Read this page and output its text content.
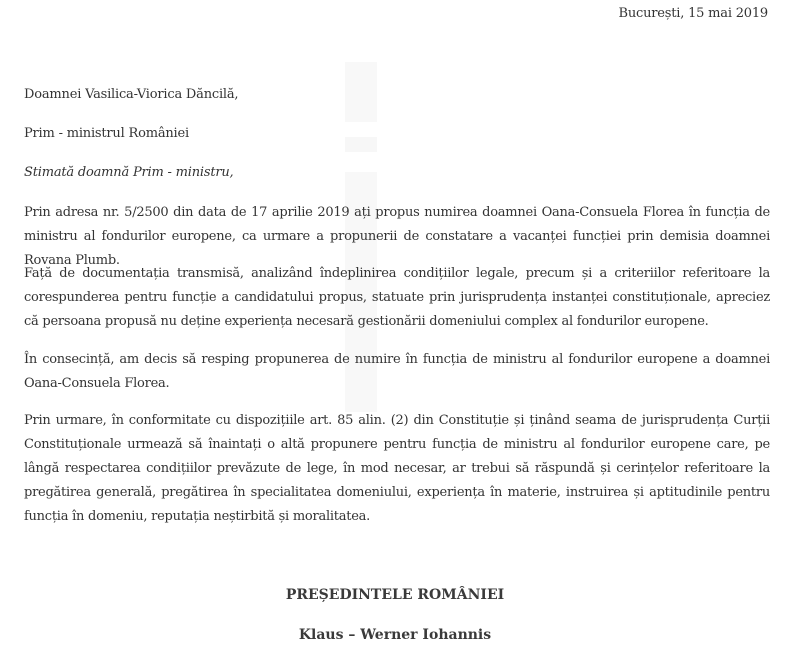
București, 15 mai 2019
Doamnei Vasilica-Viorica Dăncilă,
Prim - ministrul României
Stimată doamnă Prim - ministru,

Prin adresa nr. 5/2500 din data de 17 aprilie 2019 ați propus numirea doamnei Oana-Consuela Florea în funcția de ministru al fondurilor europene, ca urmare a propunerii de constatare a vacanței funcției prin demisia doamnei Rovana Plumb.

Față de documentația transmisă, analizând îndeplinirea condițiilor legale, precum și a criteriilor referitoare la corespunderea pentru funcție a candidatului propus, statuate prin jurisprudența instanței constituționale, apreciez că persoana propusă nu deține experiența necesară gestionării domeniului complex al fondurilor europene.

În consecință, am decis să resping propunerea de numire în funcția de ministru al fondurilor europene a doamnei Oana-Consuela Florea.

Prin urmare, în conformitate cu dispozițiile art. 85 alin. (2) din Constituție și ținând seama de jurisprudența Curții Constituționale urmează să înaintați o altă propunere pentru funcția de ministru al fondurilor europene care, pe lângă respectarea condițiilor prevăzute de lege, în mod necesar, ar trebui să răspundă și cerințelor referitoare la pregătirea generală, pregătirea în specialitatea domeniului, experiența în materie, instruirea și aptitudinile pentru funcția în domeniu, reputația neștirbită și moralitatea.

PREȘEDINTELE ROMÂNIEI
Klaus – Werner Iohannis
